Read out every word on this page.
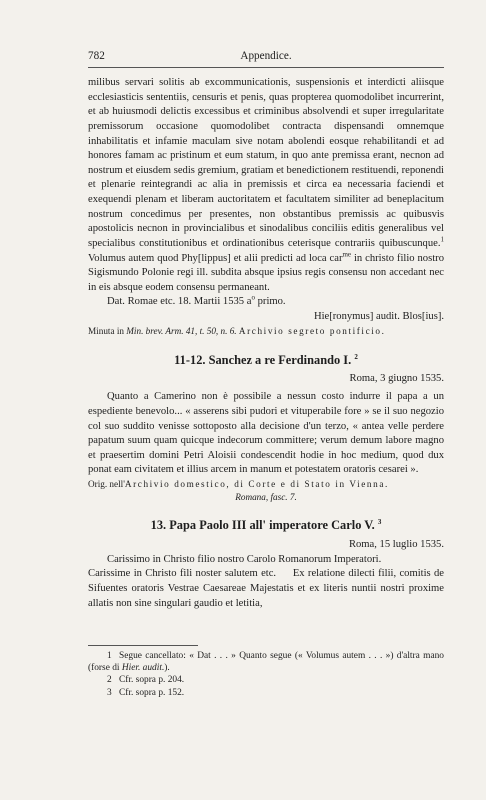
782	Appendice.

milibus servari solitis ab excommunicationis, suspensionis et interdicti aliisque ecclesiasticis sententiis, censuris et penis, quas propterea quomodolibet incurrerint, et ab huiusmodi delictis excessibus et criminibus absolvendi et super irregularitate premissorum occasione quomodolibet contracta dispensandi omnemque inhabilitatis et infamie maculam sive notam abolendi eosque rehabilitandi et ad honores famam ac pristinum et eum statum, in quo ante premissa erant, necnon ad nostrum et eiusdem sedis gremium, gratiam et benedictionem restituendi, reponendi et plenarie reintegrandi ac alia in premissis et circa ea necessaria faciendi et exequendi plenam et liberam auctoritatem et facultatem similiter ad beneplacitum nostrum concedimus per presentes, non obstantibus premissis ac quibusvis apostolicis necnon in provincialibus et sinodalibus conciliis editis generalibus vel specialibus constitutionibus et ordinationibus ceterisque contrariis quibuscunque.$^1$ Volumus autem quod Phy[lippus] et alii predicti ad loca car$^{me}$ in christo filio nostro Sigismundo Polonie regi ill. subdita absque ipsius regis consensu non accedant nec in eis absque eodem consensu permaneant.

Dat. Romae etc. 18. Martii 1535 $a^o$ primo.

Hie[ronymus] audit. Blos[ius].

Minuta in Min. brev. Arm. 41, t. 50, n. 6. Archivio segreto pontificio.

11-12. Sanchez a re Ferdinando I. $^2$

Roma, 3 giugno 1535.

Quanto a Camerino non è possibile a nessun costo indurre il papa a un espediente benevolo... « asserens sibi pudori et vituperabile fore » se il suo negozio col suo suddito venisse sottoposto alla decisione d'un terzo, « antea velle perdere papatum suum quam quicque indecorum committere; verum demum labore magno et praesertim domini Petri Aloisii condescendit hodie in hoc medium, quod dux ponat eam civitatem et illius arcem in manum et potestatem oratoris cesarei ».

Orig. nell'Archivio domestico, di Corte e di Stato in Vienna.

Romana, fasc. 7.

13. Papa Paolo III all' imperatore Carlo V. $^3$

Roma, 15 luglio 1535.

Carissimo in Christo filio nostro Carolo Romanorum Imperatori.

Carissime in Christo fili noster salutem etc.     Ex relatione dilecti filii, comitis de Sifuentes oratoris Vestrae Caesareae Majestatis et ex literis nuntii nostri proxime allatis non sine singulari gaudio et letitia,

1 Segue cancellato: « Dat . . . » Quanto segue (« Volumus autem . . . ») d'altra mano (forse di Hier. audit.).

2 Cfr. sopra p. 204.

3 Cfr. sopra p. 152.
